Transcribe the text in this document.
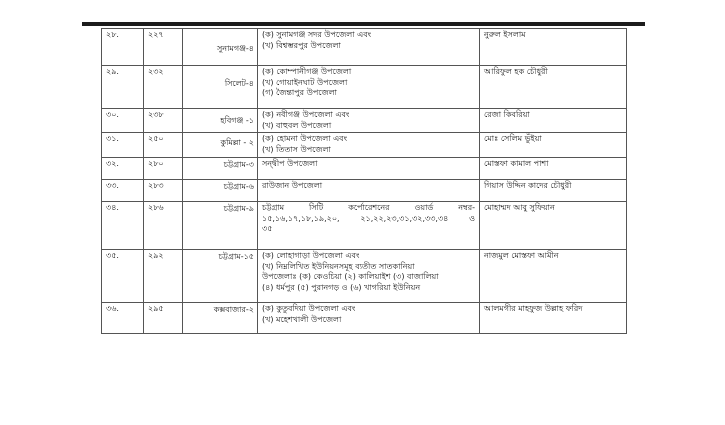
২৮.	২২৭	সুনামগঞ্জ-৪	(ক) সুনামগঞ্জ সদর উপজেলা এবং
(খ) বিশ্বম্ভরপুর উপজেলা	নুরুল ইসলাম
২৯.	২৩২	সিলেট-৪	(ক) কোম্পানীগঞ্জ উপজেলা
(খ) গোয়াইনঘাট উপজেলা
(গ) জৈন্তাপুর উপজেলা	আরিফুল হক চৌধুরী
৩০.	২৩৮	হবিগঞ্জ -১	(ক) নবীগঞ্জ উপজেলা এবং
(খ) বাহুবল উপজেলা	রেজা কিবরিয়া
৩১.	২৫০	কুমিল্লা - ২	(ক) হোমনা উপজেলা এবং
(খ) তিতাস উপজেলা	মোঃ সেলিম ভুঁইয়া
৩২.	২৮০	চট্টগ্রাম-৩	সন্দ্বীপ উপজেলা	মোস্তফা কামাল পাশা
৩৩.	২৮৩	চট্টগ্রাম-৬	রাউজান উপজেলা	গিয়াস উদ্দিন কাদের চৌধুরী
৩৪.	২৮৬	চট্টগ্রাম-৯	চট্টগ্রাম সিটি কর্পোরেশনের ওয়ার্ড নম্বর-
১৫,১৬,১৭,১৮,১৯,২০, ২১,২২,২৩,৩১,৩২,৩৩,৩৪ ও
৩৫	মোহাম্মদ আবু সুফিয়ান
৩৫.	২৯২	চট্টগ্রাম-১৫	(ক) লোহাগাড়া উপজেলা এবং
(খ) নিম্নলিখিত ইউনিয়নসমূহ ব্যতীত সাতকানিয়া
উপজেলাঃ (ক) কেওচিয়া (২) কালিয়াইশ (৩) বাজালিয়া
(৪) ধর্মপুর (৫) পুরানগড় ও (৬) খাগরিয়া ইউনিয়ন	নাজমুল মোস্তফা আমীন
৩৬.	২৯৫	কক্সবাজার-২	(ক) কুতুবদিয়া উপজেলা এবং
(খ) মহেশখালী উপজেলা	আলমগীর মাহফুজ উল্লাহ ফরিদ
